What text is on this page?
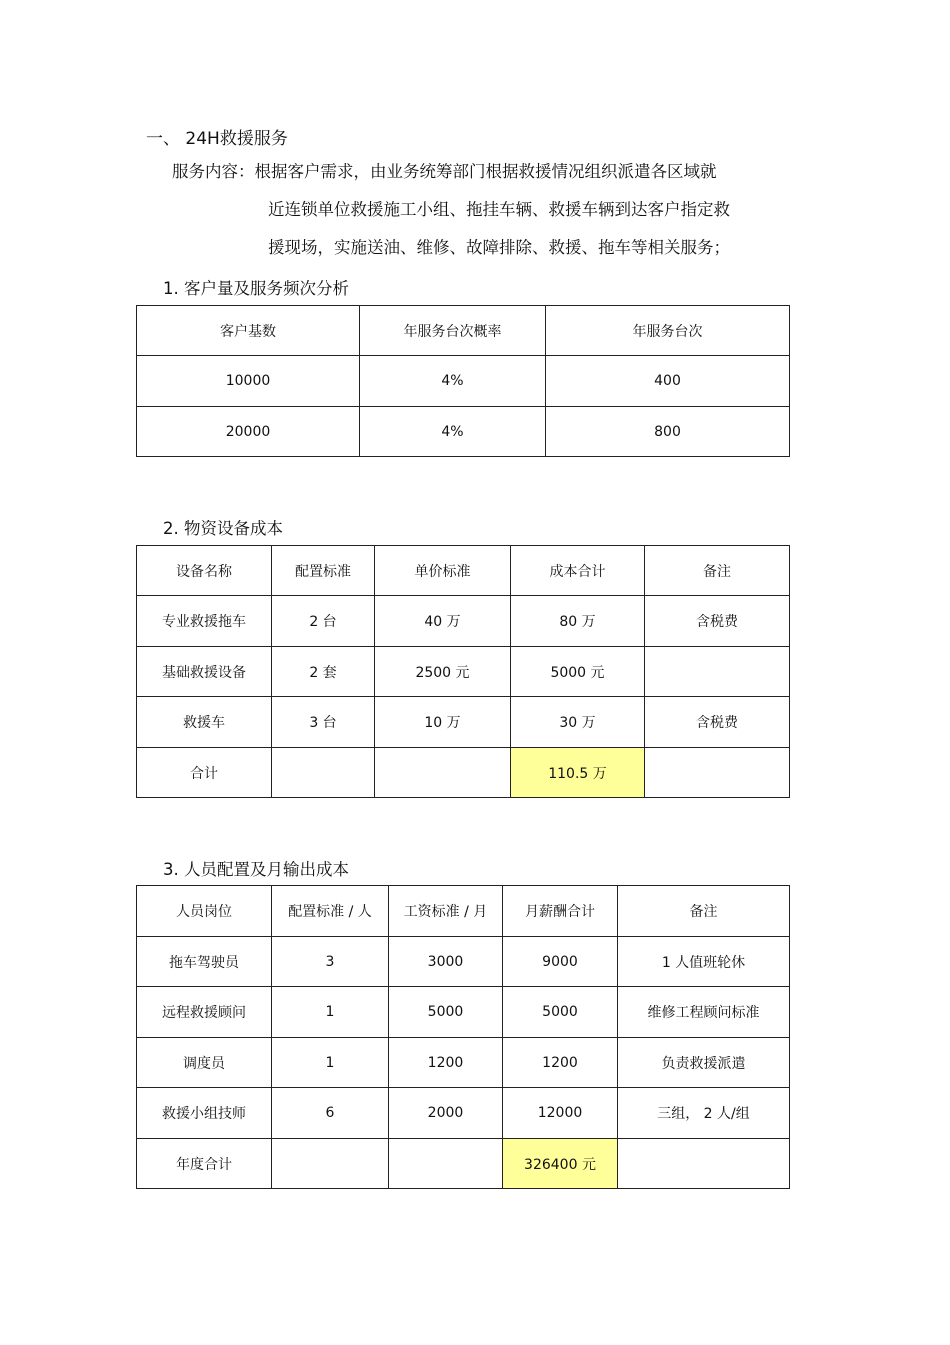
一、 24H救援服务
服务内容：根据客户需求，由业务统筹部门根据救援情况组织派遣各区域就
近连锁单位救援施工小组、拖挂车辆、救援车辆到达客户指定救
援现场，实施送油、维修、故障排除、救援、拖车等相关服务；
1. 客户量及服务频次分析
客户基数	年服务台次概率	年服务台次
10000	4%	400
20000	4%	800
2. 物资设备成本
设备名称	配置标准	单价标准	成本合计	备注
专业救援拖车	2 台	40 万	80 万	含税费
基础救援设备	2 套	2500 元	5000 元	
救援车	3 台	10 万	30 万	含税费
合计			110.5 万	
3. 人员配置及月输出成本
人员岗位	配置标准 / 人	工资标准 / 月	月薪酬合计	备注
拖车驾驶员	3	3000	9000	1 人值班轮休
远程救援顾问	1	5000	5000	维修工程顾问标准
调度员	1	1200	1200	负责救援派遣
救援小组技师	6	2000	12000	三组， 2 人/组
年度合计			326400 元	
